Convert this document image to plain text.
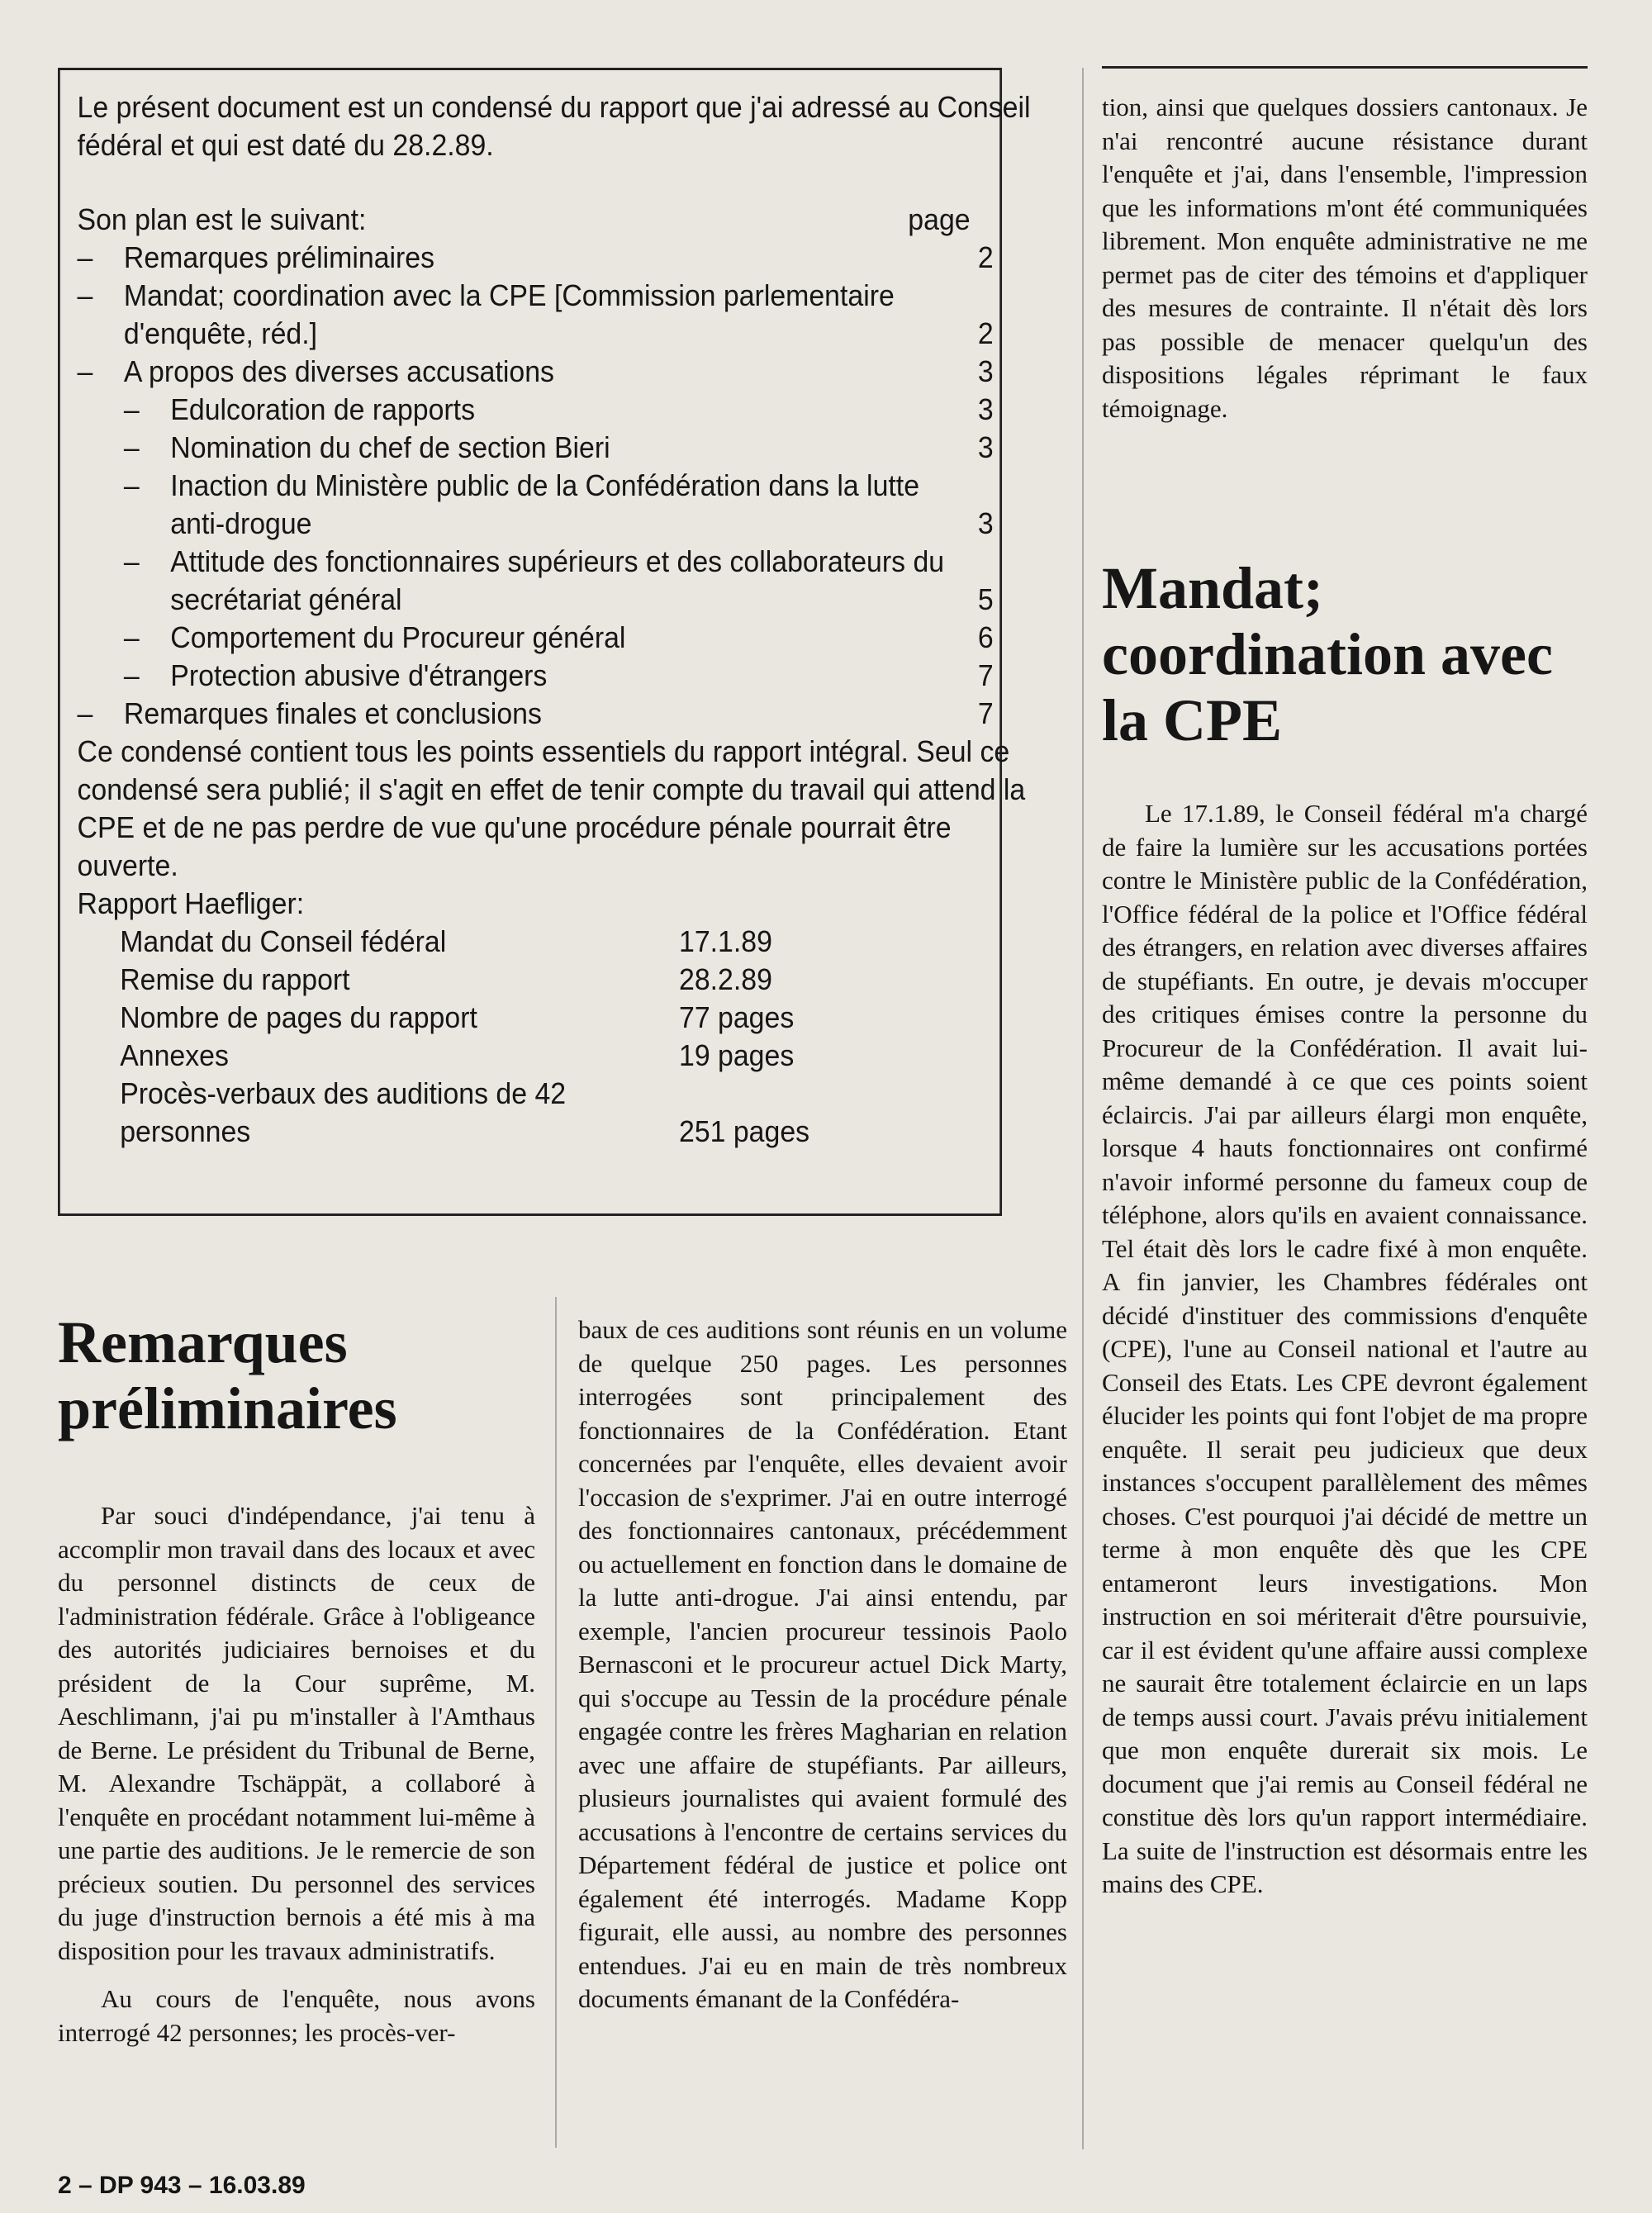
Le présent document est un condensé du rapport que j'ai adressé au Conseil fédéral et qui est daté du 28.2.89.

Son plan est le suivant:	page
–	Remarques préliminaires	2
–	Mandat; coordination avec la CPE [Commission parlementaire d'enquête, réd.]	2
–	A propos des diverses accusations	3
–	Edulcoration de rapports	3
–	Nomination du chef de section Bieri	3
–	Inaction du Ministère public de la Confédération dans la lutte anti-drogue	3
–	Attitude des fonctionnaires supérieurs et des collaborateurs du secrétariat général	5
–	Comportement du Procureur général	6
–	Protection abusive d'étrangers	7
–	Remarques finales et conclusions	7

Ce condensé contient tous les points essentiels du rapport intégral. Seul ce condensé sera publié; il s'agit en effet de tenir compte du travail qui attend la CPE et de ne pas perdre de vue qu'une procédure pénale pourrait être ouverte.

Rapport Haefliger:

Mandat du Conseil fédéral	17.1.89
Remise du rapport	28.2.89
Nombre de pages du rapport	77 pages
Annexes	19 pages
Procès-verbaux des auditions de 42 personnes	251 pages
Remarques préliminaires
Mandat; coordination avec la CPE

Par souci d'indépendance, j'ai tenu à accomplir mon travail dans des locaux et avec du personnel distincts de ceux de l'administration fédérale. Grâce à l'obligeance des autorités judiciaires bernoises et du président de la Cour suprême, M. Aeschlimann, j'ai pu m'installer à l'Amthaus de Berne. Le président du Tribunal de Berne, M. Alexandre Tschäppät, a collaboré à l'enquête en procédant notamment lui-même à une partie des auditions. Je le remercie de son précieux soutien. Du personnel des services du juge d'instruction bernois a été mis à ma disposition pour les travaux administratifs.

Au cours de l'enquête, nous avons interrogé 42 personnes; les procès-ver-

baux de ces auditions sont réunis en un volume de quelque 250 pages. Les personnes interrogées sont principalement des fonctionnaires de la Confédération. Etant concernées par l'enquête, elles devaient avoir l'occasion de s'exprimer. J'ai en outre interrogé des fonctionnaires cantonaux, précédemment ou actuellement en fonction dans le domaine de la lutte anti-drogue. J'ai ainsi entendu, par exemple, l'ancien procureur tessinois Paolo Bernasconi et le procureur actuel Dick Marty, qui s'occupe au Tessin de la procédure pénale engagée contre les frères Magharian en relation avec une affaire de stupéfiants. Par ailleurs, plusieurs journalistes qui avaient formulé des accusations à l'encontre de certains services du Département fédéral de justice et police ont également été interrogés. Madame Kopp figurait, elle aussi, au nombre des personnes entendues. J'ai eu en main de très nombreux documents émanant de la Confédéra-

tion, ainsi que quelques dossiers cantonaux. Je n'ai rencontré aucune résistance durant l'enquête et j'ai, dans l'ensemble, l'impression que les informations m'ont été communiquées librement. Mon enquête administrative ne me permet pas de citer des témoins et d'appliquer des mesures de contrainte. Il n'était dès lors pas possible de menacer quelqu'un des dispositions légales réprimant le faux témoignage.

Le 17.1.89, le Conseil fédéral m'a chargé de faire la lumière sur les accusations portées contre le Ministère public de la Confédération, l'Office fédéral de la police et l'Office fédéral des étrangers, en relation avec diverses affaires de stupéfiants. En outre, je devais m'occuper des critiques émises contre la personne du Procureur de la Confédération. Il avait lui-même demandé à ce que ces points soient éclaircis. J'ai par ailleurs élargi mon enquête, lorsque 4 hauts fonctionnaires ont confirmé n'avoir informé personne du fameux coup de téléphone, alors qu'ils en avaient connaissance. Tel était dès lors le cadre fixé à mon enquête. A fin janvier, les Chambres fédérales ont décidé d'instituer des commissions d'enquête (CPE), l'une au Conseil national et l'autre au Conseil des Etats. Les CPE devront également élucider les points qui font l'objet de ma propre enquête. Il serait peu judicieux que deux instances s'occupent parallèlement des mêmes choses. C'est pourquoi j'ai décidé de mettre un terme à mon enquête dès que les CPE entameront leurs investigations. Mon instruction en soi mériterait d'être poursuivie, car il est évident qu'une affaire aussi complexe ne saurait être totalement éclaircie en un laps de temps aussi court. J'avais prévu initialement que mon enquête durerait six mois. Le document que j'ai remis au Conseil fédéral ne constitue dès lors qu'un rapport intermédiaire. La suite de l'instruction est désormais entre les mains des CPE.

2 – DP 943 – 16.03.89
